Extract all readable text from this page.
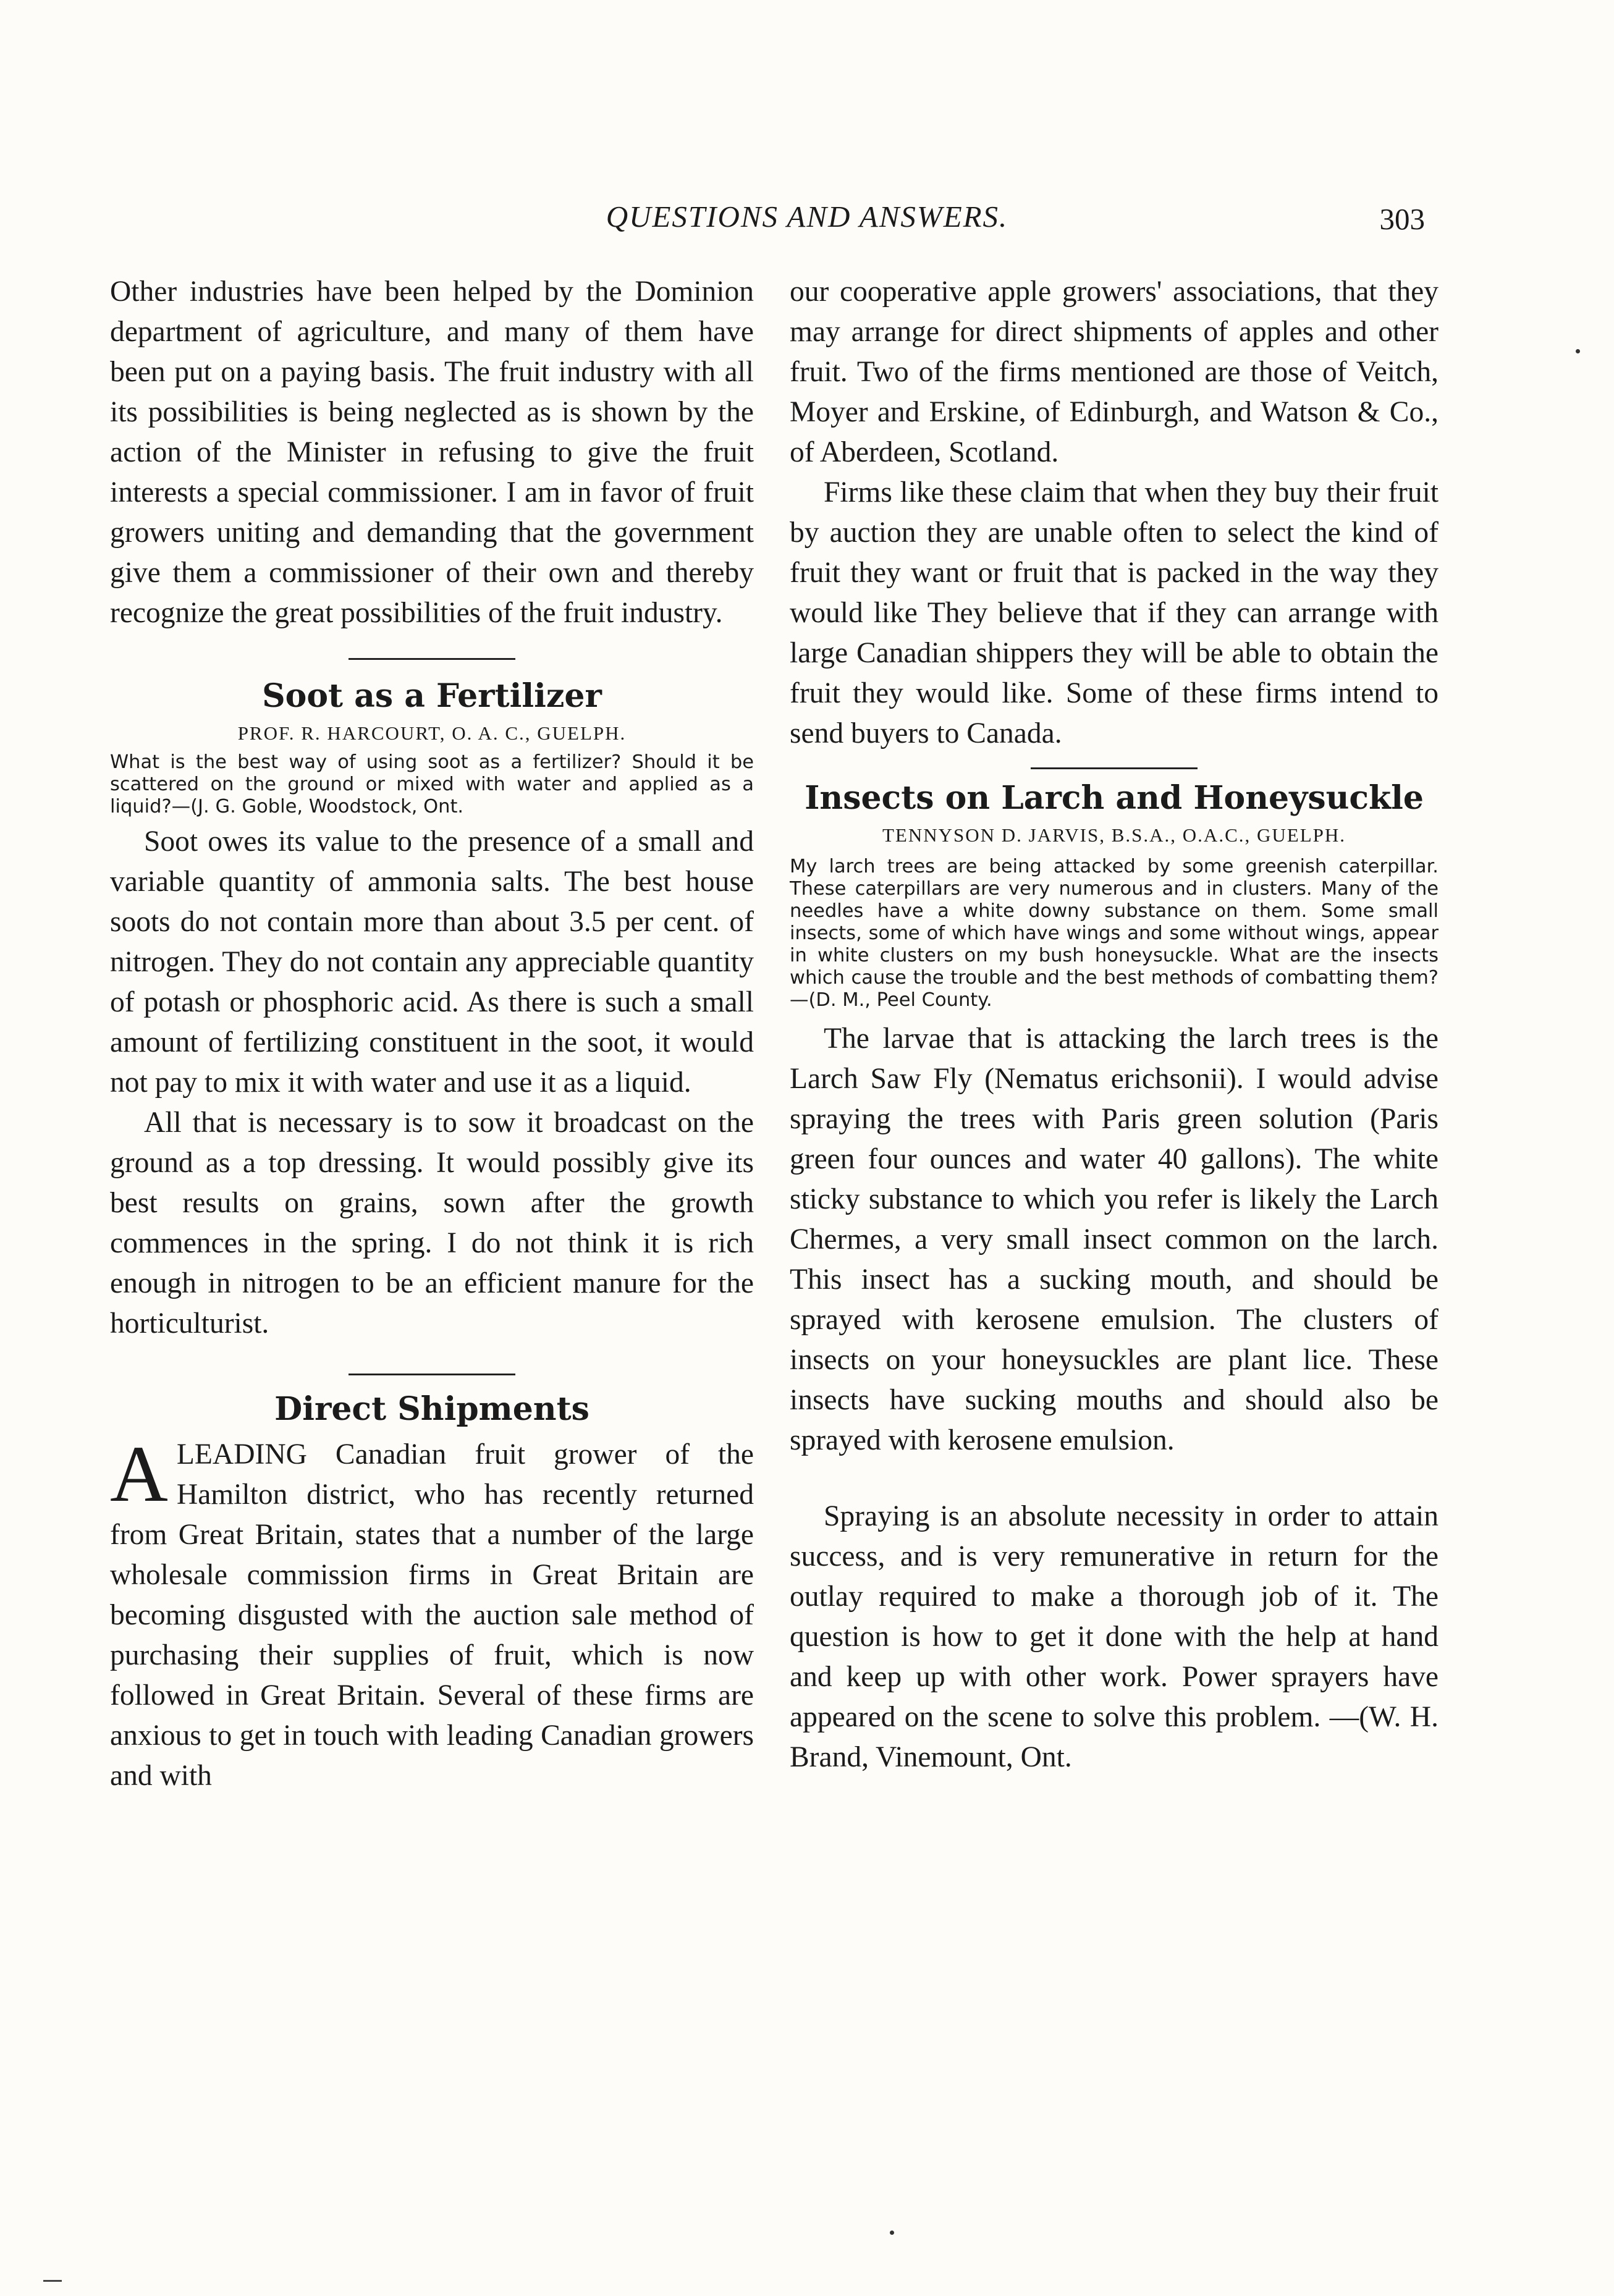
QUESTIONS AND ANSWERS.	303

Other industries have been helped by the Dominion department of agriculture, and many of them have been put on a paying basis. The fruit industry with all its possibilities is being neglected as is shown by the action of the Minister in refusing to give the fruit interests a special commissioner. I am in favor of fruit growers uniting and demanding that the government give them a commissioner of their own and thereby recognize the great possibilities of the fruit industry.

Soot as a Fertilizer
PROF. R. HARCOURT, O. A. C., GUELPH.

What is the best way of using soot as a fertilizer? Should it be scattered on the ground or mixed with water and applied as a liquid?—(J. G. Goble, Woodstock, Ont.

Soot owes its value to the presence of a small and variable quantity of ammonia salts. The best house soots do not contain more than about 3.5 per cent. of nitrogen. They do not contain any appreciable quantity of potash or phosphoric acid. As there is such a small amount of fertilizing constituent in the soot, it would not pay to mix it with water and use it as a liquid.

All that is necessary is to sow it broadcast on the ground as a top dressing. It would possibly give its best results on grains, sown after the growth commences in the spring. I do not think it is rich enough in nitrogen to be an efficient manure for the horticulturist.

Direct Shipments

ALEADING Canadian fruit grower of the Hamilton district, who has recently returned from Great Britain, states that a number of the large wholesale commission firms in Great Britain are becoming disgusted with the auction sale method of purchasing their supplies of fruit, which is now followed in Great Britain. Several of these firms are anxious to get in touch with leading Canadian growers and with

our cooperative apple growers' associations, that they may arrange for direct shipments of apples and other fruit. Two of the firms mentioned are those of Veitch, Moyer and Erskine, of Edinburgh, and Watson & Co., of Aberdeen, Scotland.

Firms like these claim that when they buy their fruit by auction they are unable often to select the kind of fruit they want or fruit that is packed in the way they would like They believe that if they can arrange with large Canadian shippers they will be able to obtain the fruit they would like. Some of these firms intend to send buyers to Canada.

Insects on Larch and Honeysuckle
TENNYSON D. JARVIS, B.S.A., O.A.C., GUELPH.

My larch trees are being attacked by some greenish caterpillar. These caterpillars are very numerous and in clusters. Many of the needles have a white downy substance on them. Some small insects, some of which have wings and some without wings, appear in white clusters on my bush honeysuckle. What are the insects which cause the trouble and the best methods of combatting them?—(D. M., Peel County.

The larvae that is attacking the larch trees is the Larch Saw Fly (Nematus erichsonii). I would advise spraying the trees with Paris green solution (Paris green four ounces and water 40 gallons). The white sticky substance to which you refer is likely the Larch Chermes, a very small insect common on the larch. This insect has a sucking mouth, and should be sprayed with kerosene emulsion. The clusters of insects on your honeysuckles are plant lice. These insects have sucking mouths and should also be sprayed with kerosene emulsion.

Spraying is an absolute necessity in order to attain success, and is very remunerative in return for the outlay required to make a thorough job of it. The question is how to get it done with the help at hand and keep up with other work. Power sprayers have appeared on the scene to solve this problem. —(W. H. Brand, Vinemount, Ont.
